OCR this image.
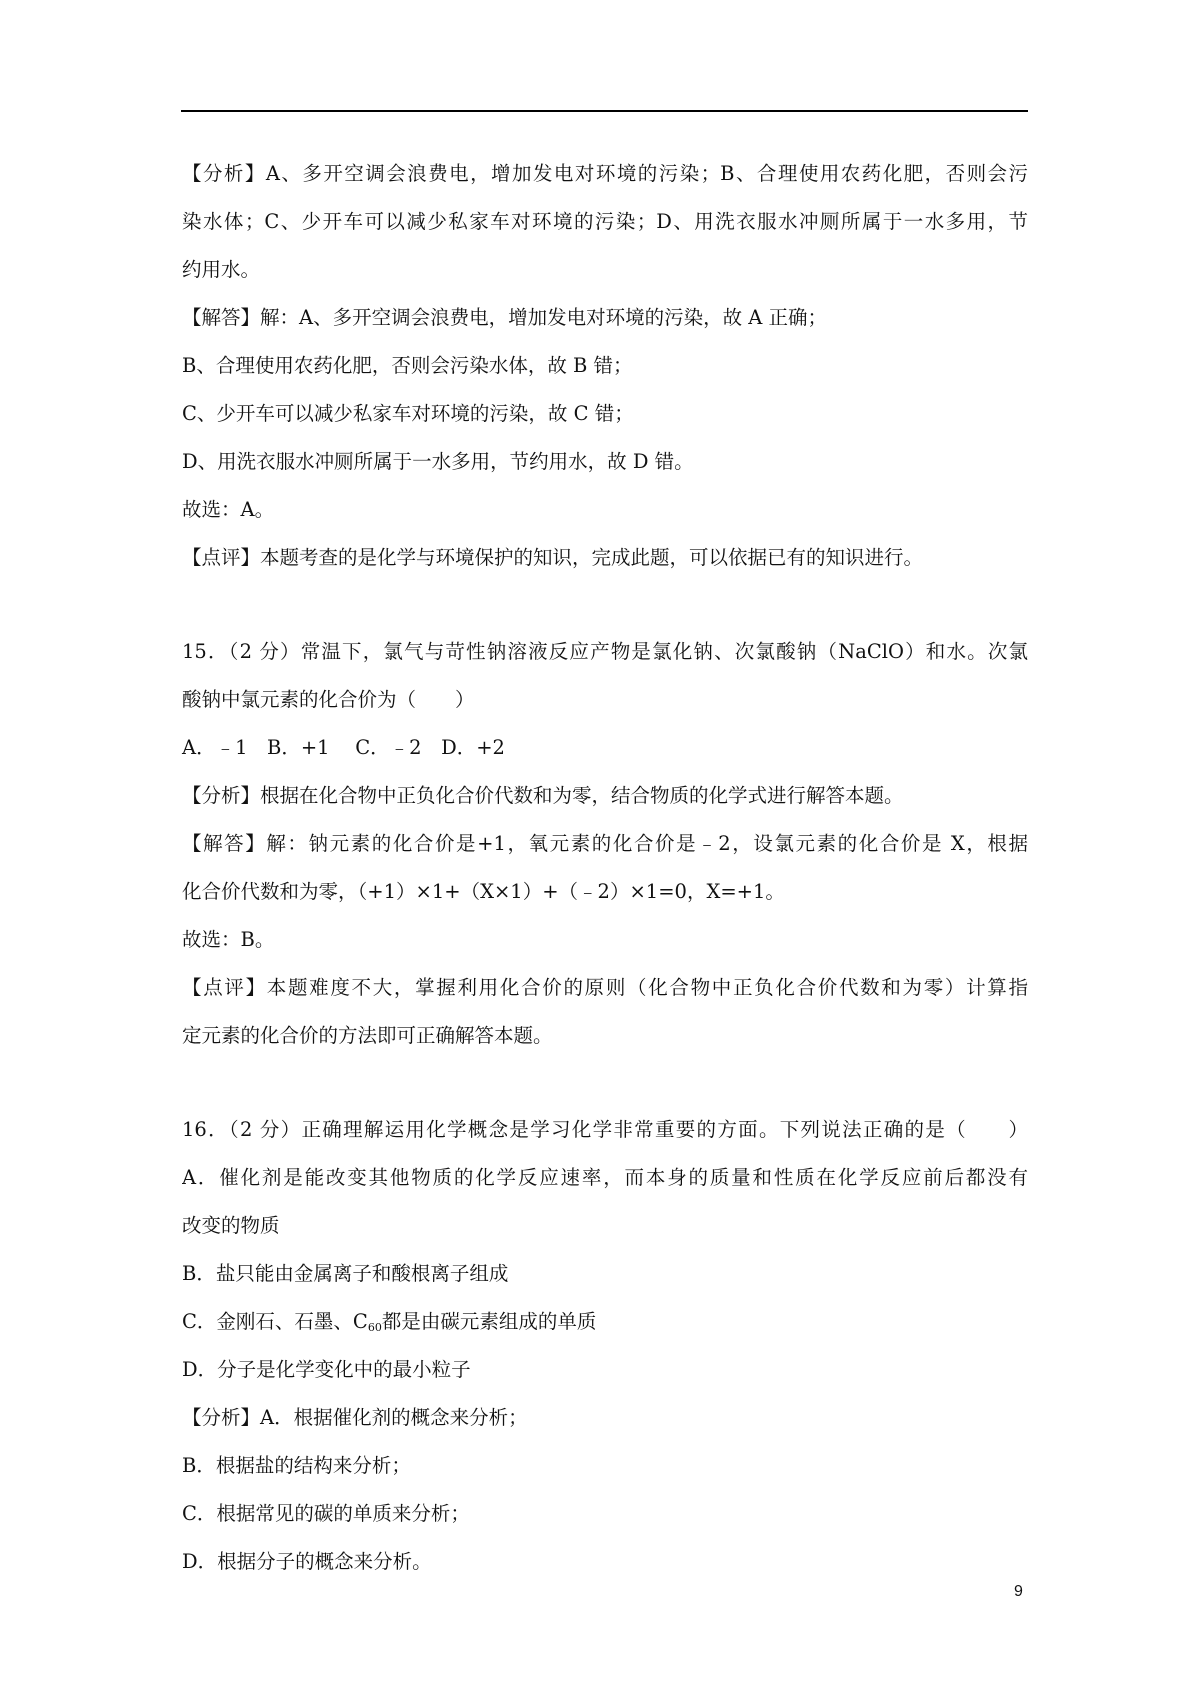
【分析】A、多开空调会浪费电，增加发电对环境的污染；B、合理使用农药化肥，否则会污
染水体；C、少开车可以减少私家车对环境的污染；D、用洗衣服水冲厕所属于一水多用，节
约用水。
【解答】解：A、多开空调会浪费电，增加发电对环境的污染，故 A 正确；
B、合理使用农药化肥，否则会污染水体，故 B 错；
C、少开车可以减少私家车对环境的污染，故 C 错；
D、用洗衣服水冲厕所属于一水多用，节约用水，故 D 错。
故选：A。
【点评】本题考查的是化学与环境保护的知识，完成此题，可以依据已有的知识进行。
15．（2 分）常温下，氯气与苛性钠溶液反应产物是氯化钠、次氯酸钠（NaClO）和水。次氯
酸钠中氯元素的化合价为（　　）
A．﹣1　B．+1　 C．﹣2　D．+2
【分析】根据在化合物中正负化合价代数和为零，结合物质的化学式进行解答本题。
【解答】解：钠元素的化合价是+1，氧元素的化合价是﹣2，设氯元素的化合价是 X，根据
化合价代数和为零，（+1）×1+（X×1）+（﹣2）×1=0，X=+1。
故选：B。
【点评】本题难度不大，掌握利用化合价的原则（化合物中正负化合价代数和为零）计算指
定元素的化合价的方法即可正确解答本题。
16．（2 分）正确理解运用化学概念是学习化学非常重要的方面。下列说法正确的是（　　）
A．催化剂是能改变其他物质的化学反应速率，而本身的质量和性质在化学反应前后都没有
改变的物质
B．盐只能由金属离子和酸根离子组成
C．金刚石、石墨、$C_{60}$都是由碳元素组成的单质
D．分子是化学变化中的最小粒子
【分析】A．根据催化剂的概念来分析；
B．根据盐的结构来分析；
C．根据常见的碳的单质来分析；
D．根据分子的概念来分析。
9
